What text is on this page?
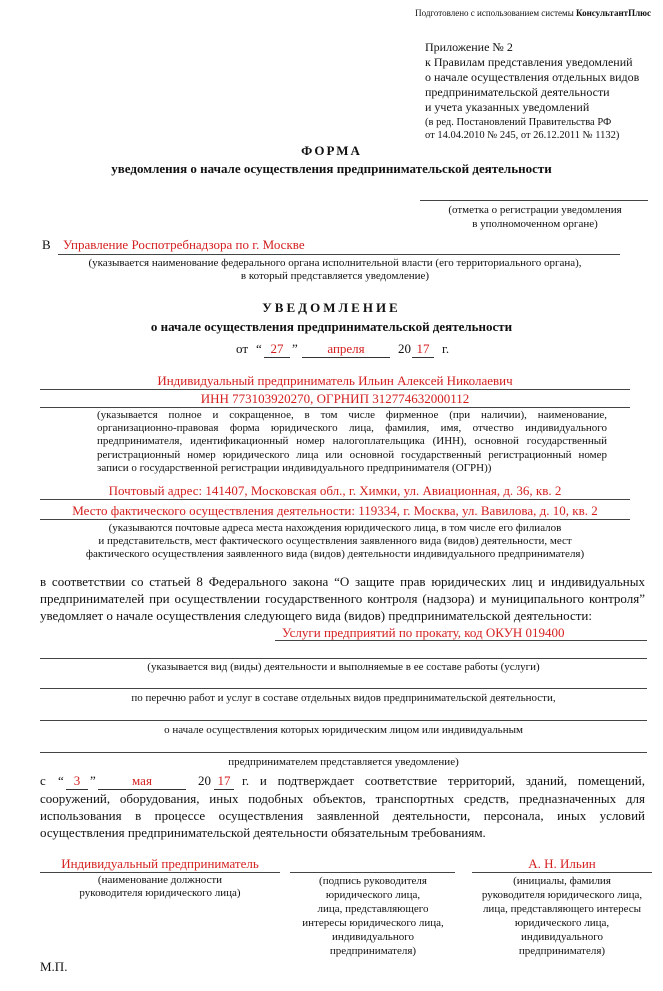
Подготовлено с использованием системы КонсультантПлюс
Приложение № 2
к Правилам представления уведомлений
о начале осуществления отдельных видов
предпринимательской деятельности
и учета указанных уведомлений
(в ред. Постановлений Правительства РФ
от 14.04.2010 № 245, от 26.12.2011 № 1132)
ФОРМА
уведомления о начале осуществления предпринимательской деятельности
(отметка о регистрации уведомления
в уполномоченном органе)
В Управление Роспотребнадзора по г. Москве
(указывается наименование федерального органа исполнительной власти (его территориального органа),
в который представляется уведомление)
УВЕДОМЛЕНИЕ
о начале осуществления предпринимательской деятельности
от “ 27 ”	апреля	20 17 г.
Индивидуальный предприниматель Ильин Алексей Николаевич
ИНН 773103920270, ОГРНИП 312774632000112
(указывается полное и сокращенное, в том числе фирменное (при наличии), наименование, организационно-правовая форма юридического лица, фамилия, имя, отчество индивидуального предпринимателя, идентификационный номер налогоплательщика (ИНН), основной государственный регистрационный номер юридического лица или основной государственный регистрационный номер записи о государственной регистрации индивидуального предпринимателя (ОГРН))
Почтовый адрес: 141407, Московская обл., г. Химки, ул. Авиационная, д. 36, кв. 2
Место фактического осуществления деятельности: 119334, г. Москва, ул. Вавилова, д. 10, кв. 2
(указываются почтовые адреса места нахождения юридического лица, в том числе его филиалов
и представительств, мест фактического осуществления заявленного вида (видов) деятельности, мест
фактического осуществления заявленного вида (видов) деятельности индивидуального предпринимателя)
в соответствии со статьей 8 Федерального закона “О защите прав юридических лиц и индивидуальных предпринимателей при осуществлении государственного контроля (надзора) и муниципального контроля” уведомляет о начале осуществления следующего вида (видов) предпринимательской деятельности:
Услуги предприятий по прокату, код ОКУН 019400
(указывается вид (виды) деятельности и выполняемые в ее составе работы (услуги)
по перечню работ и услуг в составе отдельных видов предпринимательской деятельности,
о начале осуществления которых юридическим лицом или индивидуальным
предпринимателем представляется уведомление)
с “ 3 ”	мая	20 17 г. и подтверждает соответствие территорий, зданий, помещений,
сооружений, оборудования, иных подобных объектов, транспортных средств, предназначенных для использования в процессе осуществления заявленной деятельности, персонала, иных условий осуществления предпринимательской деятельности обязательным требованиям.
Индивидуальный предприниматель
(наименование должности
руководителя юридического лица)
(подпись руководителя
юридического лица,
лица, представляющего
интересы юридического лица,
индивидуального
предпринимателя)
А. Н. Ильин
(инициалы, фамилия
руководителя юридического лица,
лица, представляющего интересы
юридического лица,
индивидуального
предпринимателя)
М.П.
